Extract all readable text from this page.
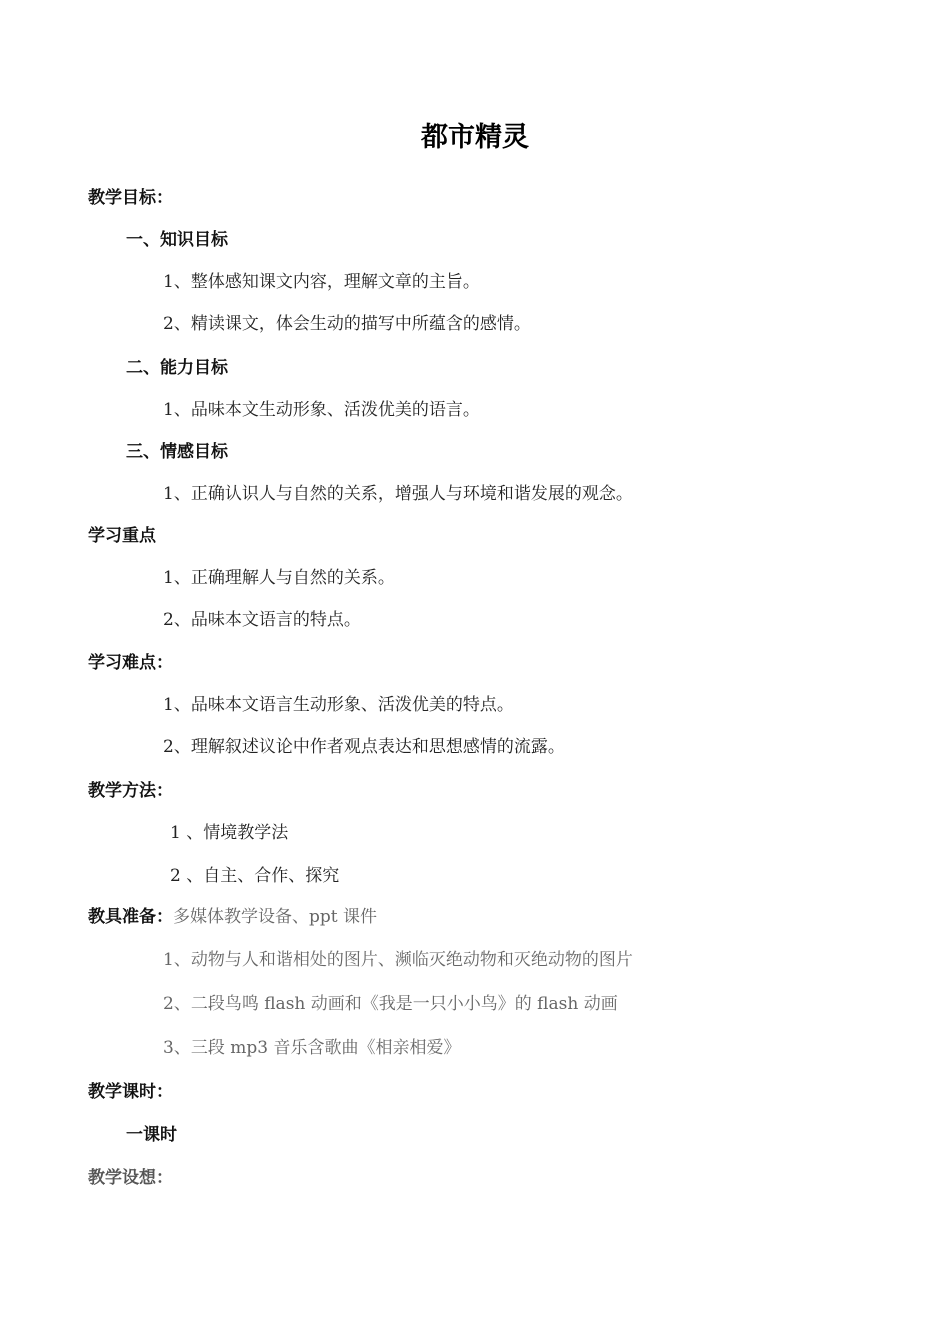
都市精灵
教学目标：
一、知识目标
1、整体感知课文内容，理解文章的主旨。
2、精读课文，体会生动的描写中所蕴含的感情。
二、能力目标
1、品味本文生动形象、活泼优美的语言。
三、情感目标
1、正确认识人与自然的关系，增强人与环境和谐发展的观念。
学习重点
1、正确理解人与自然的关系。
2、品味本文语言的特点。
学习难点：
1、品味本文语言生动形象、活泼优美的特点。
2、理解叙述议论中作者观点表达和思想感情的流露。
教学方法：
1 、情境教学法
2 、自主、合作、探究
教具准备：多媒体教学设备、ppt 课件
1、动物与人和谐相处的图片、濒临灭绝动物和灭绝动物的图片
2、二段鸟鸣 flash 动画和《我是一只小小鸟》的 flash 动画
3、三段 mp3 音乐含歌曲《相亲相爱》
教学课时：
一课时
教学设想：
